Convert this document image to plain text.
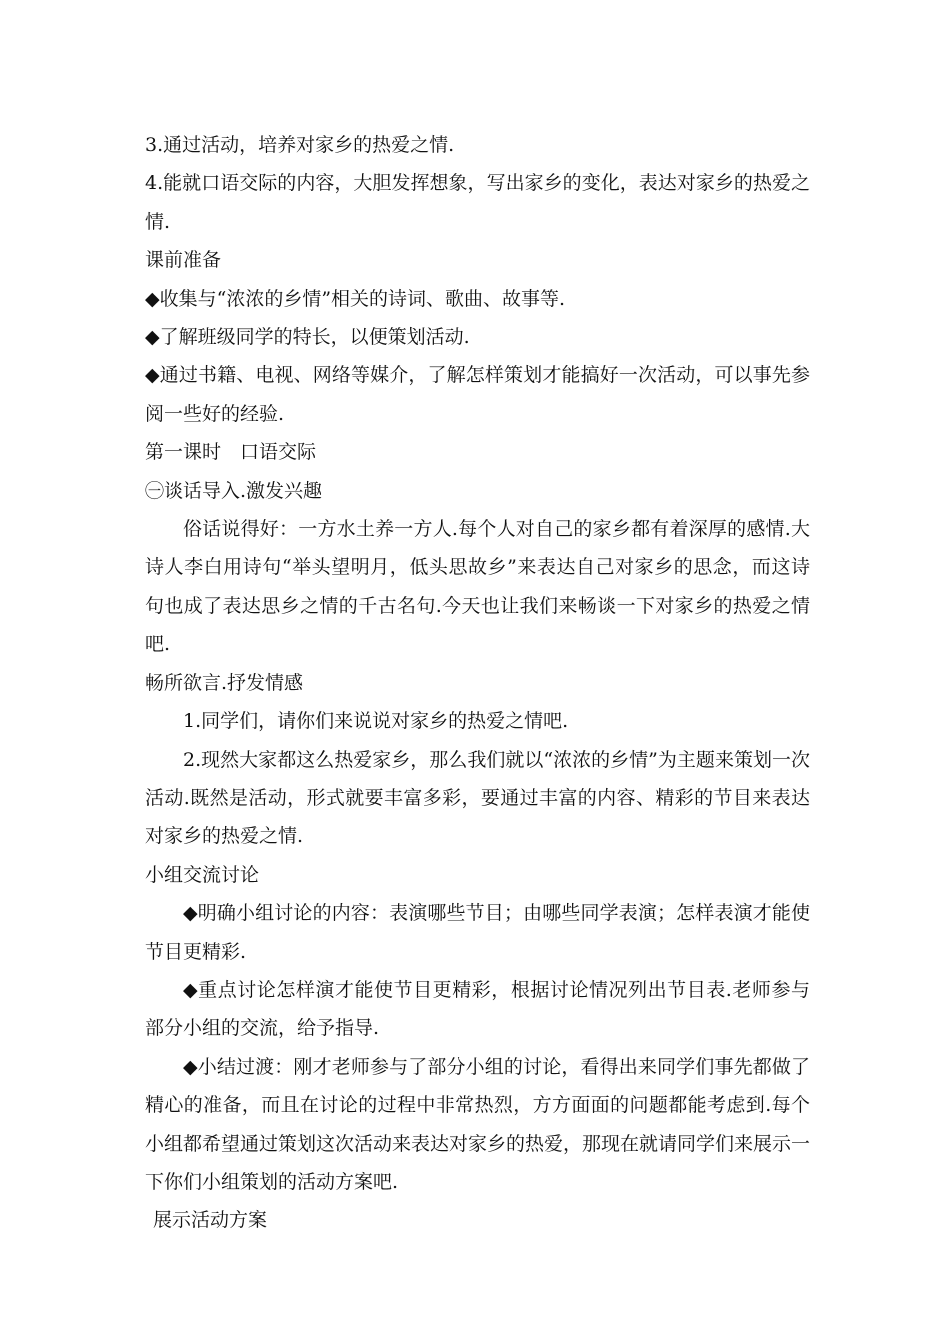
3.通过活动，培养对家乡的热爱之情.

4.能就口语交际的内容，大胆发挥想象，写出家乡的变化，表达对家乡的热爱之情.

课前准备

◆收集与“浓浓的乡情”相关的诗词、歌曲、故事等.

◆了解班级同学的特长，以便策划活动.

◆通过书籍、电视、网络等媒介，了解怎样策划才能搞好一次活动，可以事先参阅一些好的经验.

第一课时　口语交际

㊀谈话导入.激发兴趣

俗话说得好：一方水土养一方人.每个人对自己的家乡都有着深厚的感情.大诗人李白用诗句“举头望明月，低头思故乡”来表达自己对家乡的思念，而这诗句也成了表达思乡之情的千古名句.今天也让我们来畅谈一下对家乡的热爱之情吧.

畅所欲言.抒发情感

1.同学们，请你们来说说对家乡的热爱之情吧.

2.现然大家都这么热爱家乡，那么我们就以“浓浓的乡情”为主题来策划一次活动.既然是活动，形式就要丰富多彩，要通过丰富的内容、精彩的节目来表达对家乡的热爱之情.

小组交流讨论

◆明确小组讨论的内容：表演哪些节目；由哪些同学表演；怎样表演才能使节目更精彩.

◆重点讨论怎样演才能使节目更精彩，根据讨论情况列出节目表.老师参与部分小组的交流，给予指导.

◆小结过渡：刚才老师参与了部分小组的讨论，看得出来同学们事先都做了精心的准备，而且在讨论的过程中非常热烈，方方面面的问题都能考虑到.每个小组都希望通过策划这次活动来表达对家乡的热爱，那现在就请同学们来展示一下你们小组策划的活动方案吧.

展示活动方案
